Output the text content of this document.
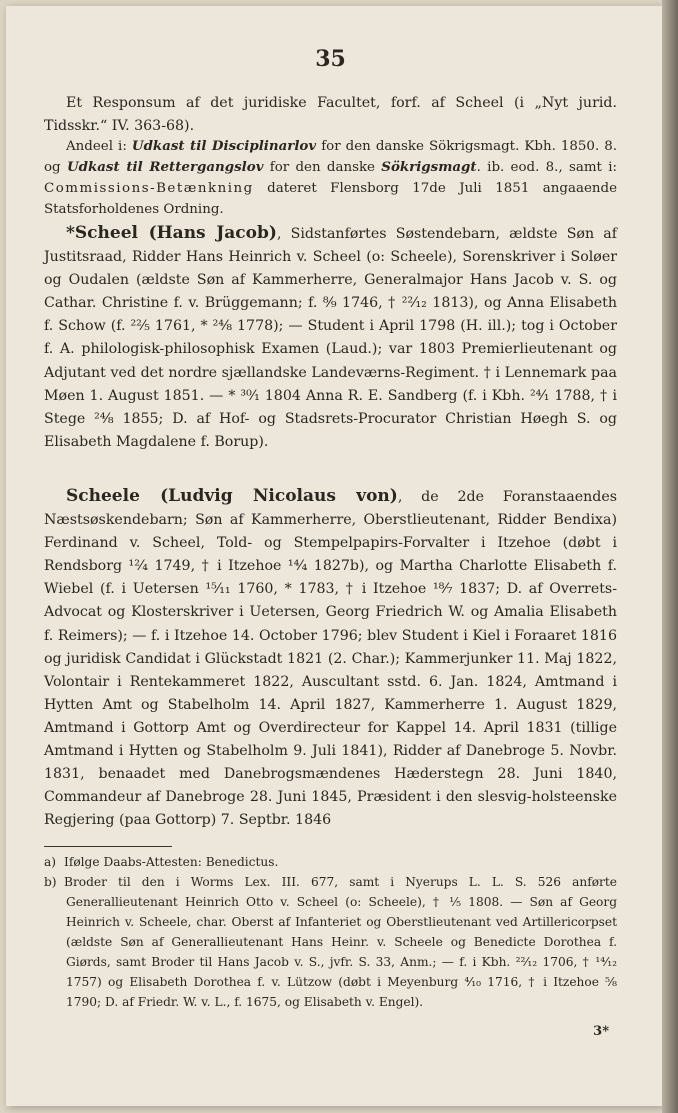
35

Et Responsum af det juridiske Facultet, forf. af Scheel (i „Nyt jurid. Tidsskr.“ IV. 363-68).

Andeel i: Udkast til Disciplinarlov for den danske Sökrigsmagt. Kbh. 1850. 8. og Udkast til Rettergangslov for den danske Sökrigsmagt. ib. eod. 8., samt i: Commissions-Betænkning dateret Flensborg 17de Juli 1851 angaaende Statsforholdenes Ordning.

*Scheel (Hans Jacob), Sidstanførtes Søstendebarn, ældste Søn af Justitsraad, Ridder Hans Heinrich v. Scheel (o: Scheele), Sorenskriver i Soløer og Oudalen (ældste Søn af Kammerherre, Generalmajor Hans Jacob v. S. og Cathar. Christine f. v. Brüggemann; f. ⁸⁄₉ 1746, † ²²⁄₁₂ 1813), og Anna Elisabeth f. Schow (f. ²²⁄₅ 1761, * ²⁴⁄₈ 1778); — Student i April 1798 (H. ill.); tog i October f. A. philologisk-philosophisk Examen (Laud.); var 1803 Premierlieutenant og Adjutant ved det nordre sjællandske Landeværns-Regiment. † i Lennemark paa Møen 1. August 1851. — * ³⁰⁄₁ 1804 Anna R. E. Sandberg (f. i Kbh. ²⁴⁄₁ 1788, † i Stege ²⁴⁄₈ 1855; D. af Hof- og Stadsrets-Procurator Christian Høegh S. og Elisabeth Magdalene f. Borup).

Scheele (Ludvig Nicolaus von), de 2de Foranstaaendes Næstsøskendebarn; Søn af Kammerherre, Oberstlieutenant, Ridder Bendixa) Ferdinand v. Scheel, Told- og Stempelpapirs-Forvalter i Itzehoe (døbt i Rendsborg ¹²⁄₄ 1749, † i Itzehoe ¹⁴⁄₄ 1827b), og Martha Charlotte Elisabeth f. Wiebel (f. i Uetersen ¹⁵⁄₁₁ 1760, * 1783, † i Itzehoe ¹⁸⁄₇ 1837; D. af Overrets-Advocat og Klosterskriver i Uetersen, Georg Friedrich W. og Amalia Elisabeth f. Reimers); — f. i Itzehoe 14. October 1796; blev Student i Kiel i Foraaret 1816 og juridisk Candidat i Glückstadt 1821 (2. Char.); Kammerjunker 11. Maj 1822, Volontair i Rentekammeret 1822, Auscultant sstd. 6. Jan. 1824, Amtmand i Hytten Amt og Stabelholm 14. April 1827, Kammerherre 1. August 1829, Amtmand i Gottorp Amt og Overdirecteur for Kappel 14. April 1831 (tillige Amtmand i Hytten og Stabelholm 9. Juli 1841), Ridder af Danebroge 5. Novbr. 1831, benaadet med Danebrogsmændenes Hæderstegn 28. Juni 1840, Commandeur af Danebroge 28. Juni 1845, Præsident i den slesvig-holsteenske Regjering (paa Gottorp) 7. Septbr. 1846

a) Ifølge Daabs-Attesten: Benedictus.
b) Broder til den i Worms Lex. III. 677, samt i Nyerups L. L. S. 526 anførte Generallieutenant Heinrich Otto v. Scheel (o: Scheele), † ⅕ 1808. — Søn af Georg Heinrich v. Scheele, char. Oberst af Infanteriet og Oberstlieutenant ved Artillericorpset (ældste Søn af Generallieutenant Hans Heinr. v. Scheele og Benedicte Dorothea f. Giørds, samt Broder til Hans Jacob v. S., jvfr. S. 33, Anm.; — f. i Kbh. ²²⁄₁₂ 1706, † ¹⁴⁄₁₂ 1757) og Elisabeth Dorothea f. v. Lützow (døbt i Meyenburg ⁴⁄₁₀ 1716, † i Itzehoe ⁵⁄₈ 1790; D. af Friedr. W. v. L., f. 1675, og Elisabeth v. Engel).
3*
